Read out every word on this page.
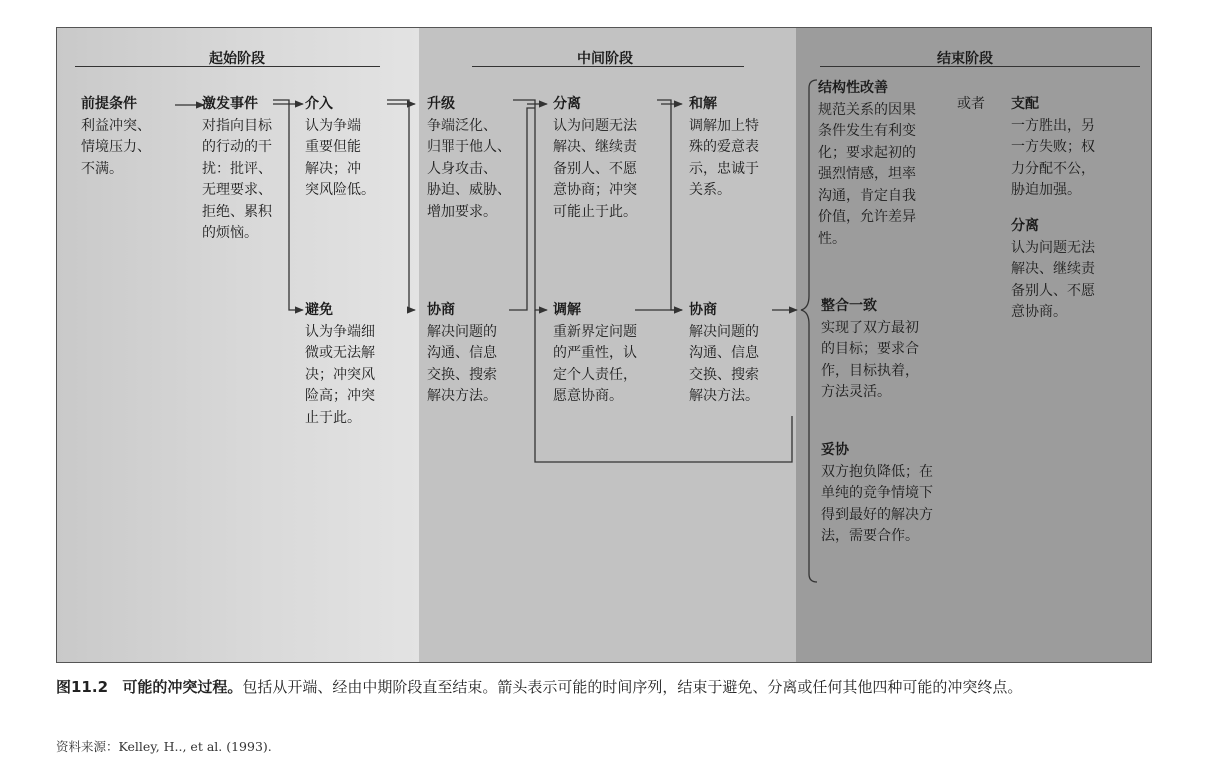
起始阶段	中间阶段	结束阶段
前提条件
利益冲突、
情境压力、
不满。
激发事件
对指向目标
的行动的干
扰：批评、
无理要求、
拒绝、累积
的烦恼。
介入
认为争端
重要但能
解决；冲
突风险低。
避免
认为争端细
微或无法解
决；冲突风
险高；冲突
止于此。
升级
争端泛化、
归罪于他人、
人身攻击、
胁迫、威胁、
增加要求。
协商
解决问题的
沟通、信息
交换、搜索
解决方法。
分离
认为问题无法
解决、继续责
备别人、不愿
意协商；冲突
可能止于此。
调解
重新界定问题
的严重性，认
定个人责任，
愿意协商。
和解
调解加上特
殊的爱意表
示，忠诚于
关系。
协商
解决问题的
沟通、信息
交换、搜索
解决方法。
结构性改善
规范关系的因果
条件发生有利变
化；要求起初的
强烈情感，坦率
沟通，肯定自我
价值，允许差异
性。
或者 支配
一方胜出，另
一方失败；权
力分配不公，
胁迫加强。
分离
认为问题无法
解决、继续责
备别人、不愿
意协商。
整合一致
实现了双方最初
的目标；要求合
作，目标执着，
方法灵活。
妥协
双方抱负降低；在
单纯的竞争情境下
得到最好的解决方
法，需要合作。
图11.2 可能的冲突过程。包括从开端、经由中期阶段直至结束。箭头表示可能的时间序列，结束于避免、分离或任何其他四种可能的冲突终点。
资料来源：Kelley, H.., et al. (1993).
